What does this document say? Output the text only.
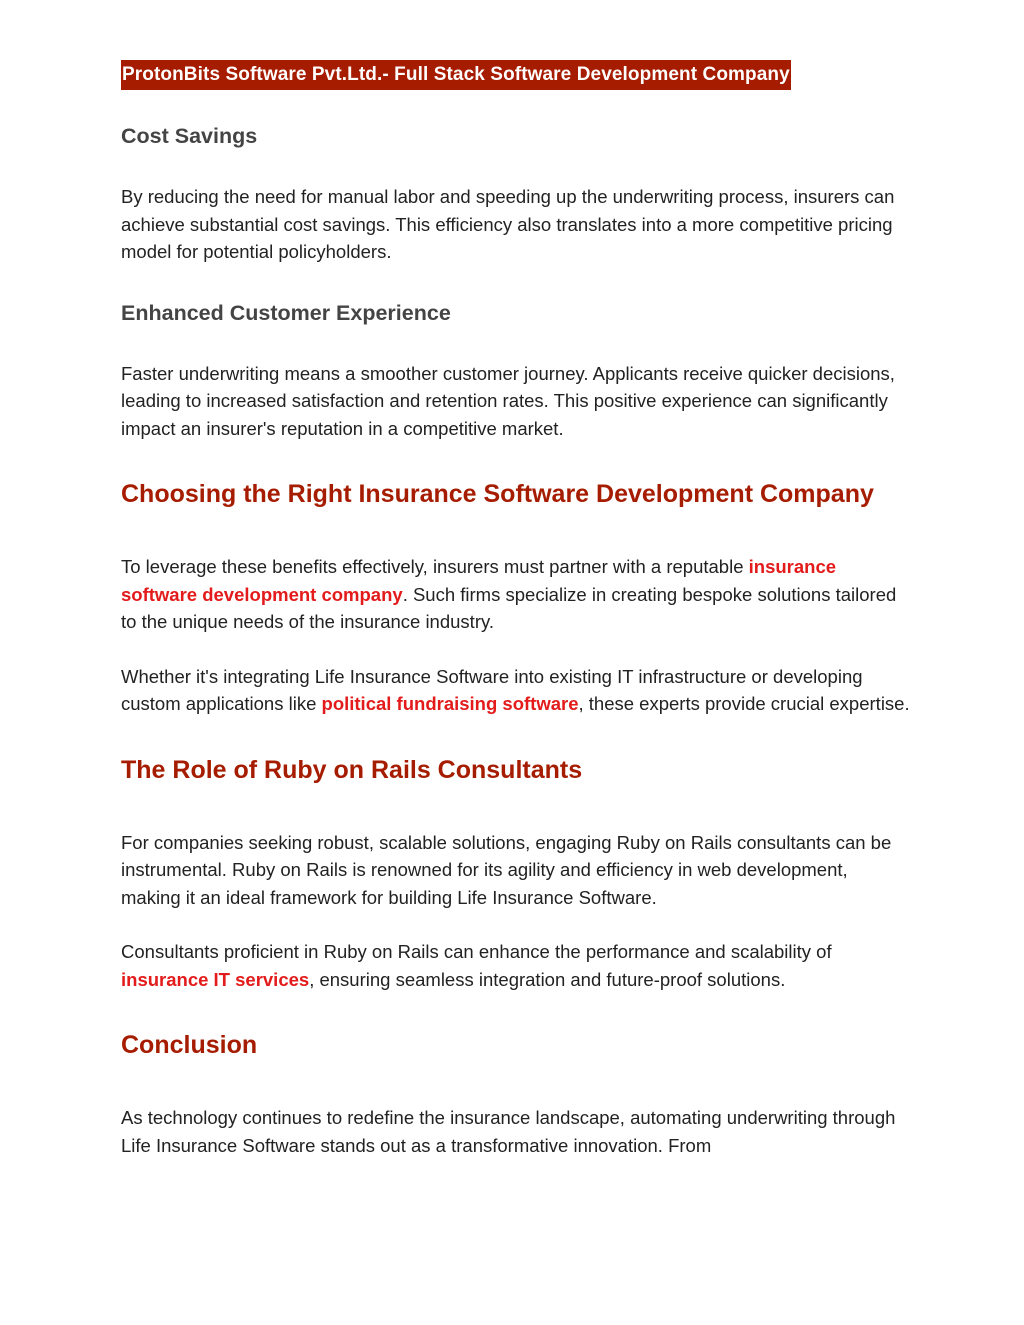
ProtonBits Software Pvt.Ltd.- Full Stack Software Development Company
Cost Savings

By reducing the need for manual labor and speeding up the underwriting process, insurers can achieve substantial cost savings. This efficiency also translates into a more competitive pricing model for potential policyholders.

Enhanced Customer Experience

Faster underwriting means a smoother customer journey. Applicants receive quicker decisions, leading to increased satisfaction and retention rates. This positive experience can significantly impact an insurer's reputation in a competitive market.

Choosing the Right Insurance Software Development Company

To leverage these benefits effectively, insurers must partner with a reputable insurance software development company. Such firms specialize in creating bespoke solutions tailored to the unique needs of the insurance industry.

Whether it's integrating Life Insurance Software into existing IT infrastructure or developing custom applications like political fundraising software, these experts provide crucial expertise.

The Role of Ruby on Rails Consultants

For companies seeking robust, scalable solutions, engaging Ruby on Rails consultants can be instrumental. Ruby on Rails is renowned for its agility and efficiency in web development, making it an ideal framework for building Life Insurance Software.

Consultants proficient in Ruby on Rails can enhance the performance and scalability of insurance IT services, ensuring seamless integration and future-proof solutions.

Conclusion

As technology continues to redefine the insurance landscape, automating underwriting through Life Insurance Software stands out as a transformative innovation. From
